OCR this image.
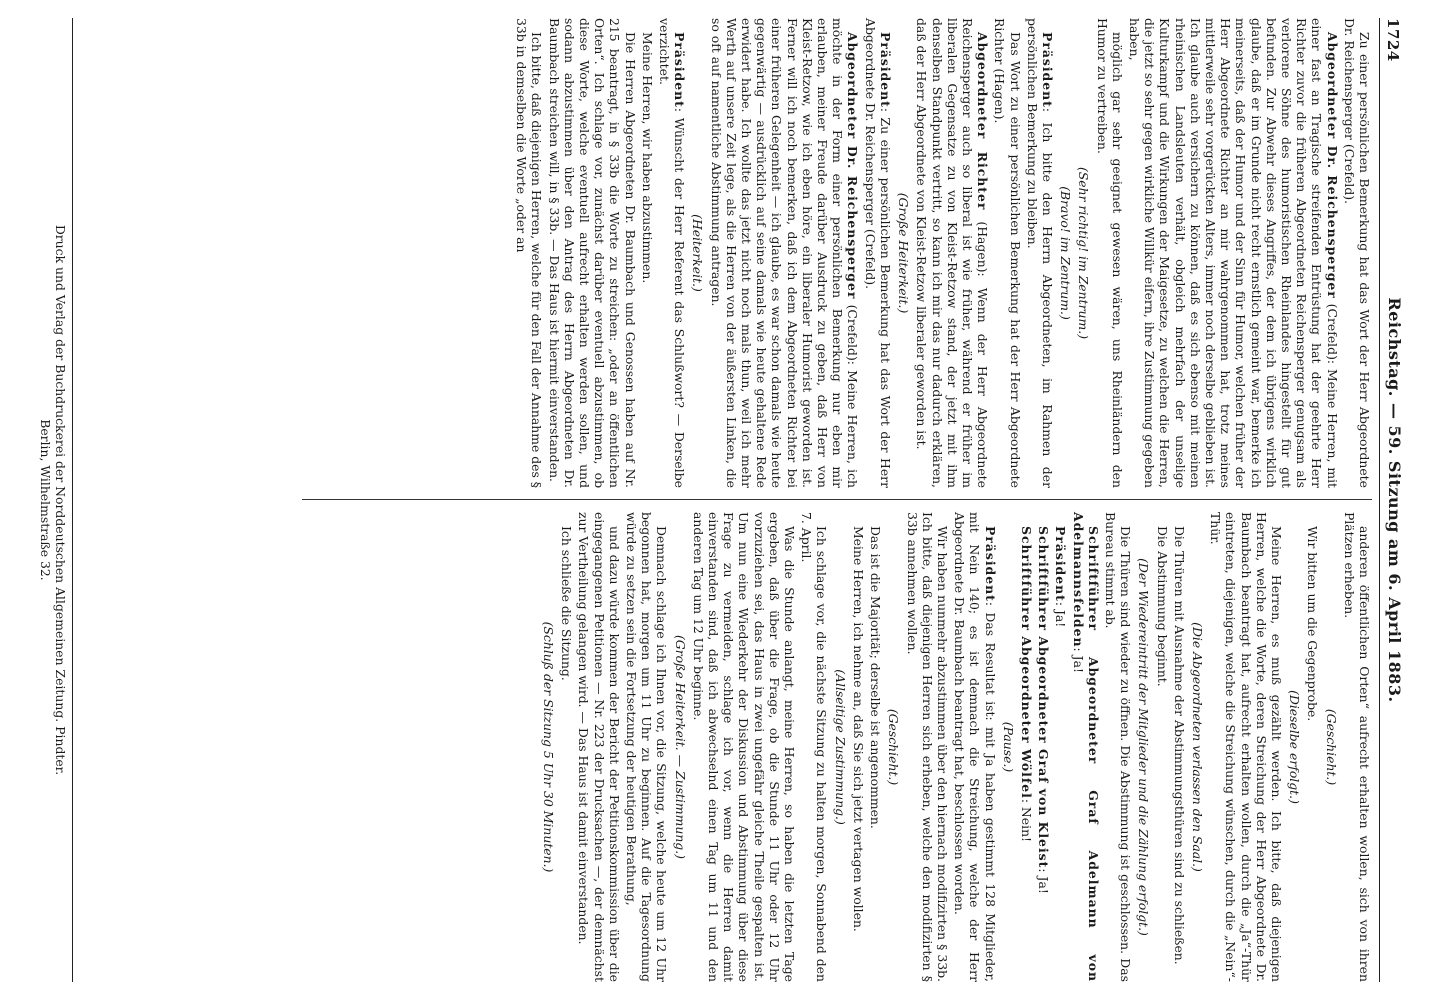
Reichstag. — 59. Sitzung am 6. April 1883.
1724

Zu einer persönlichen Bemerkung hat das Wort der Herr Abgeordnete Dr. Reichensperger (Crefeld).

Abgeordneter Dr. Reichensperger (Crefeld): Meine Herren, mit einer fast an Tragische streifenden Entrüstung hat der geehrte Herr Richter zuvor die früheren Abgeordneten Reichensperger genugsam als verlorene Söhne des humoristischen Rheinlandes hingestellt für gut befunden. Zur Abwehr dieses Angriffes, der dem ich übrigens wirklich glaube, daß er im Grunde nicht recht ernstlich gemeint war, bemerke ich meinerseits, daß der Humor und der Sinn für Humor, welchen früher der Herr Abgeordnete Richter an mir wahrgenommen hat, trotz meines mittlerweile sehr vorgerückten Alters, immer noch derselbe geblieben ist. Ich glaube auch versichern zu können, daß es sich ebenso mit meinen rheinischen Landsleuten verhält, obgleich mehrfach der unselige Kulturkampf und die Wirkungen der Maigesetze, zu welchen die Herren, die jetzt so sehr gegen wirkliche Willkür eifern, ihre Zustimmung gegeben haben,

möglich gar sehr geeignet gewesen wären, uns Rheinländern den Humor zu vertreiben.

(Sehr richtig! im Zentrum.)

(Bravo! im Zentrum.)

Präsident: Ich bitte den Herrn Abgeordneten, im Rahmen der persönlichen Bemerkung zu bleiben.

Das Wort zu einer persönlichen Bemerkung hat der Herr Abgeordnete Richter (Hagen).

Abgeordneter Richter (Hagen): Wenn der Herr Abgeordnete Reichensperger auch so liberal ist wie früher, während er früher im liberalen Gegensatze zu von Kleist-Retzow stand, der jetzt mit ihm denselben Standpunkt vertritt, so kann ich mir das nur dadurch erklären, daß der Herr Abgeordnete von Kleist-Retzow liberaler geworden ist.

(Große Heiterkeit.)

Präsident: Zu einer persönlichen Bemerkung hat das Wort der Herr Abgeordnete Dr. Reichensperger (Crefeld).

Abgeordneter Dr. Reichensperger (Crefeld): Meine Herren, ich möchte in der Form einer persönlichen Bemerkung nur eben mir erlauben, meiner Freude darüber Ausdruck zu geben, daß Herr von Kleist-Retzow, wie ich eben höre, ein liberaler Humorist geworden ist. Ferner will ich noch bemerken, daß ich dem Abgeordneten Richter bei einer früheren Gelegenheit — ich glaube, es war schon damals wie heute gegenwärtig — ausdrücklich auf seine damals wie heute gehaltene Rede erwidert habe. Ich wollte das jetzt nicht noch mals thun, weil ich mehr Werth auf unsere Zeit lege, als die Herren von der äußersten Linken, die so oft auf namentliche Abstimmung antragen.

(Heiterkeit.)

Präsident: Wünscht der Herr Referent das Schlußwort? — Derselbe verzichtet.

Meine Herren, wir haben abzustimmen.

Die Herren Abgeordneten Dr. Baumbach und Genossen haben auf Nr. 215 beantragt, in § 33b die Worte zu streichen: „oder an öffentlichen Orten“. Ich schlage vor, zunächst darüber eventuell abzustimmen, ob diese Worte, welche eventuell aufrecht erhalten werden sollen, und sodann abzustimmen über den Antrag des Herrn Abgeordneten Dr. Baumbach streichen will, in § 33b. — Das Haus ist hiermit einverstanden.

Ich bitte, daß diejenigen Herren, welche für den Fall der Annahme des § 33b in demselben die Worte „oder an

anderen öffentlichen Orten“ aufrecht erhalten wollen, sich von ihren Plätzen erheben.

(Geschieht.)

Wir bitten um die Gegenprobe.

(Dieselbe erfolgt.)

Meine Herren, es muß gezählt werden. Ich bitte, daß diejenigen Herren, welche die Worte, deren Streichung der Herr Abgeordnete Dr. Baumbach beantragt hat, aufrecht erhalten wollen, durch die „Ja“-Thür eintreten, diejenigen, welche die Streichung wünschen, durch die „Nein“-Thür.

(Die Abgeordneten verlassen den Saal.)

Die Thüren mit Ausnahme der Abstimmungsthüren sind zu schließen.

Die Abstimmung beginnt.

(Der Wiedereintritt der Mitglieder und die Zählung erfolgt.)

Die Thüren sind wieder zu öffnen. Die Abstimmung ist geschlossen. Das Bureau stimmt ab.

Schriftführer Abgeordneter Graf Adelmann von Adelmannsfelden: Ja!

Präsident: Ja!

Schriftführer Abgeordneter Graf von Kleist: Ja!

Schriftführer Abgeordneter Wölfel: Nein!

(Pause.)

Präsident: Das Resultat ist: mit Ja haben gestimmt 128 Mitglieder, mit Nein 140; es ist demnach die Streichung, welche der Herr Abgeordnete Dr. Baumbach beantragt hat, beschlossen worden.

Wir haben nunmehr abzustimmen über den hiernach modifizirten § 33b. Ich bitte, daß diejenigen Herren sich erheben, welche den modifizirten § 33b annehmen wollen.

(Geschieht.)

Das ist die Majorität; derselbe ist angenommen.

Meine Herren, ich nehme an, daß Sie sich jetzt vertagen wollen.

(Allseitige Zustimmung.)

Ich schlage vor, die nächste Sitzung zu halten morgen, Sonnabend den 7. April.

Was die Stunde anlangt, meine Herren, so haben die letzten Tage ergeben, daß über die Frage, ob die Stunde 11 Uhr oder 12 Uhr vorzuziehen sei, das Haus in zwei ungefähr gleiche Theile gespalten ist. Um nun eine Wiederkehr der Diskussion und Abstimmung über diese Frage zu vermeiden, schlage ich vor, wenn die Herren damit einverstanden sind, daß ich abwechselnd einen Tag um 11 und den anderen Tag um 12 Uhr beginne.

(Große Heiterkeit. — Zustimmung.)

Demnach schlage ich Ihnen vor, die Sitzung, welche heute um 12 Uhr begonnen hat, morgen um 11 Uhr zu beginnen. Auf die Tagesordnung würde zu setzen sein die Fortsetzung der heutigen Berathung,

und dazu würde kommen der Bericht der Petitionskommission über die eingegangenen Petitionen — Nr. 223 der Drucksachen —, der demnächst zur Vertheilung gelangen wird. — Das Haus ist damit einverstanden.

Ich schließe die Sitzung.

(Schluß der Sitzung 5 Uhr 30 Minuten.)

Druck und Verlag der Buchdruckerei der Norddeutschen Allgemeinen Zeitung. Pindter.
Berlin, Wilhelmstraße 32.
